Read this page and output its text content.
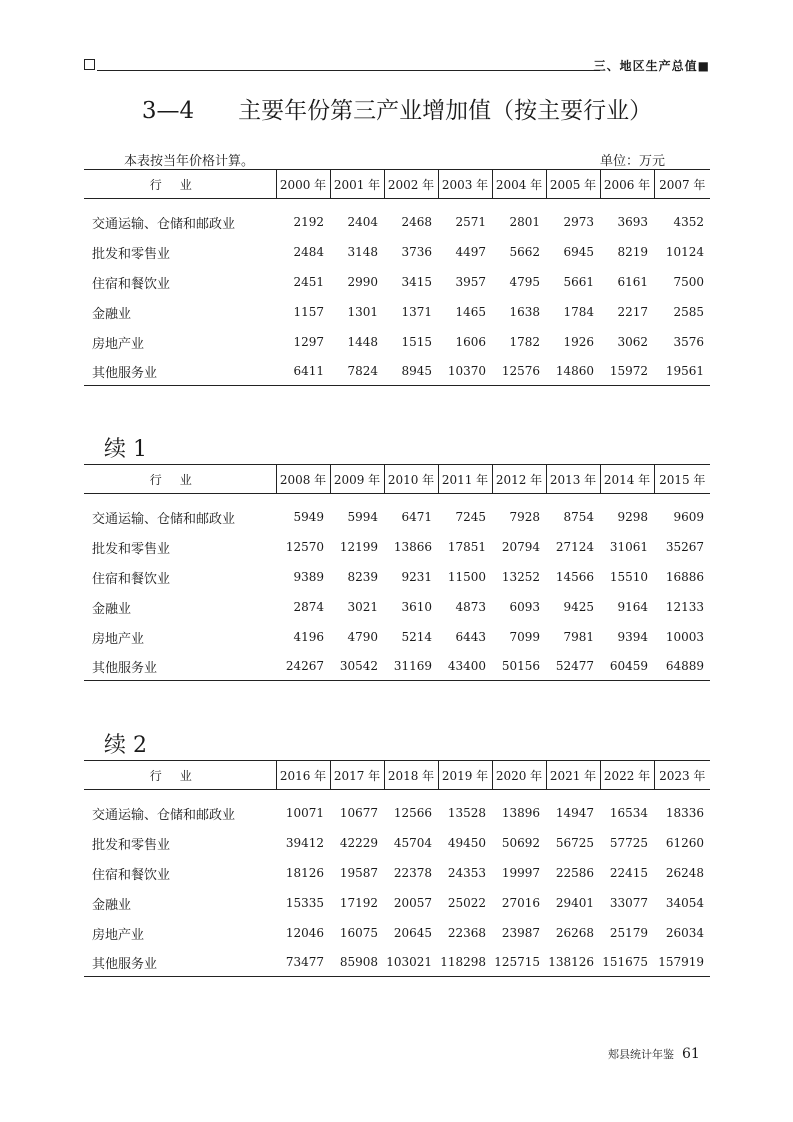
三、地区生产总值■
3—4 主要年份第三产业增加值（按主要行业）
本表按当年价格计算。	单位：万元
行业	2000 年	2001 年	2002 年	2003 年	2004 年	2005 年	2006 年	2007 年
交通运输、仓储和邮政业	2192	2404	2468	2571	2801	2973	3693	4352
批发和零售业	2484	3148	3736	4497	5662	6945	8219	10124
住宿和餐饮业	2451	2990	3415	3957	4795	5661	6161	7500
金融业	1157	1301	1371	1465	1638	1784	2217	2585
房地产业	1297	1448	1515	1606	1782	1926	3062	3576
其他服务业	6411	7824	8945	10370	12576	14860	15972	19561
续 1
行业	2008 年	2009 年	2010 年	2011 年	2012 年	2013 年	2014 年	2015 年
交通运输、仓储和邮政业	5949	5994	6471	7245	7928	8754	9298	9609
批发和零售业	12570	12199	13866	17851	20794	27124	31061	35267
住宿和餐饮业	9389	8239	9231	11500	13252	14566	15510	16886
金融业	2874	3021	3610	4873	6093	9425	9164	12133
房地产业	4196	4790	5214	6443	7099	7981	9394	10003
其他服务业	24267	30542	31169	43400	50156	52477	60459	64889
续 2
行业	2016 年	2017 年	2018 年	2019 年	2020 年	2021 年	2022 年	2023 年
交通运输、仓储和邮政业	10071	10677	12566	13528	13896	14947	16534	18336
批发和零售业	39412	42229	45704	49450	50692	56725	57725	61260
住宿和餐饮业	18126	19587	22378	24353	19997	22586	22415	26248
金融业	15335	17192	20057	25022	27016	29401	33077	34054
房地产业	12046	16075	20645	22368	23987	26268	25179	26034
其他服务业	73477	85908	103021	118298	125715	138126	151675	157919
郏县统计年鉴 61
